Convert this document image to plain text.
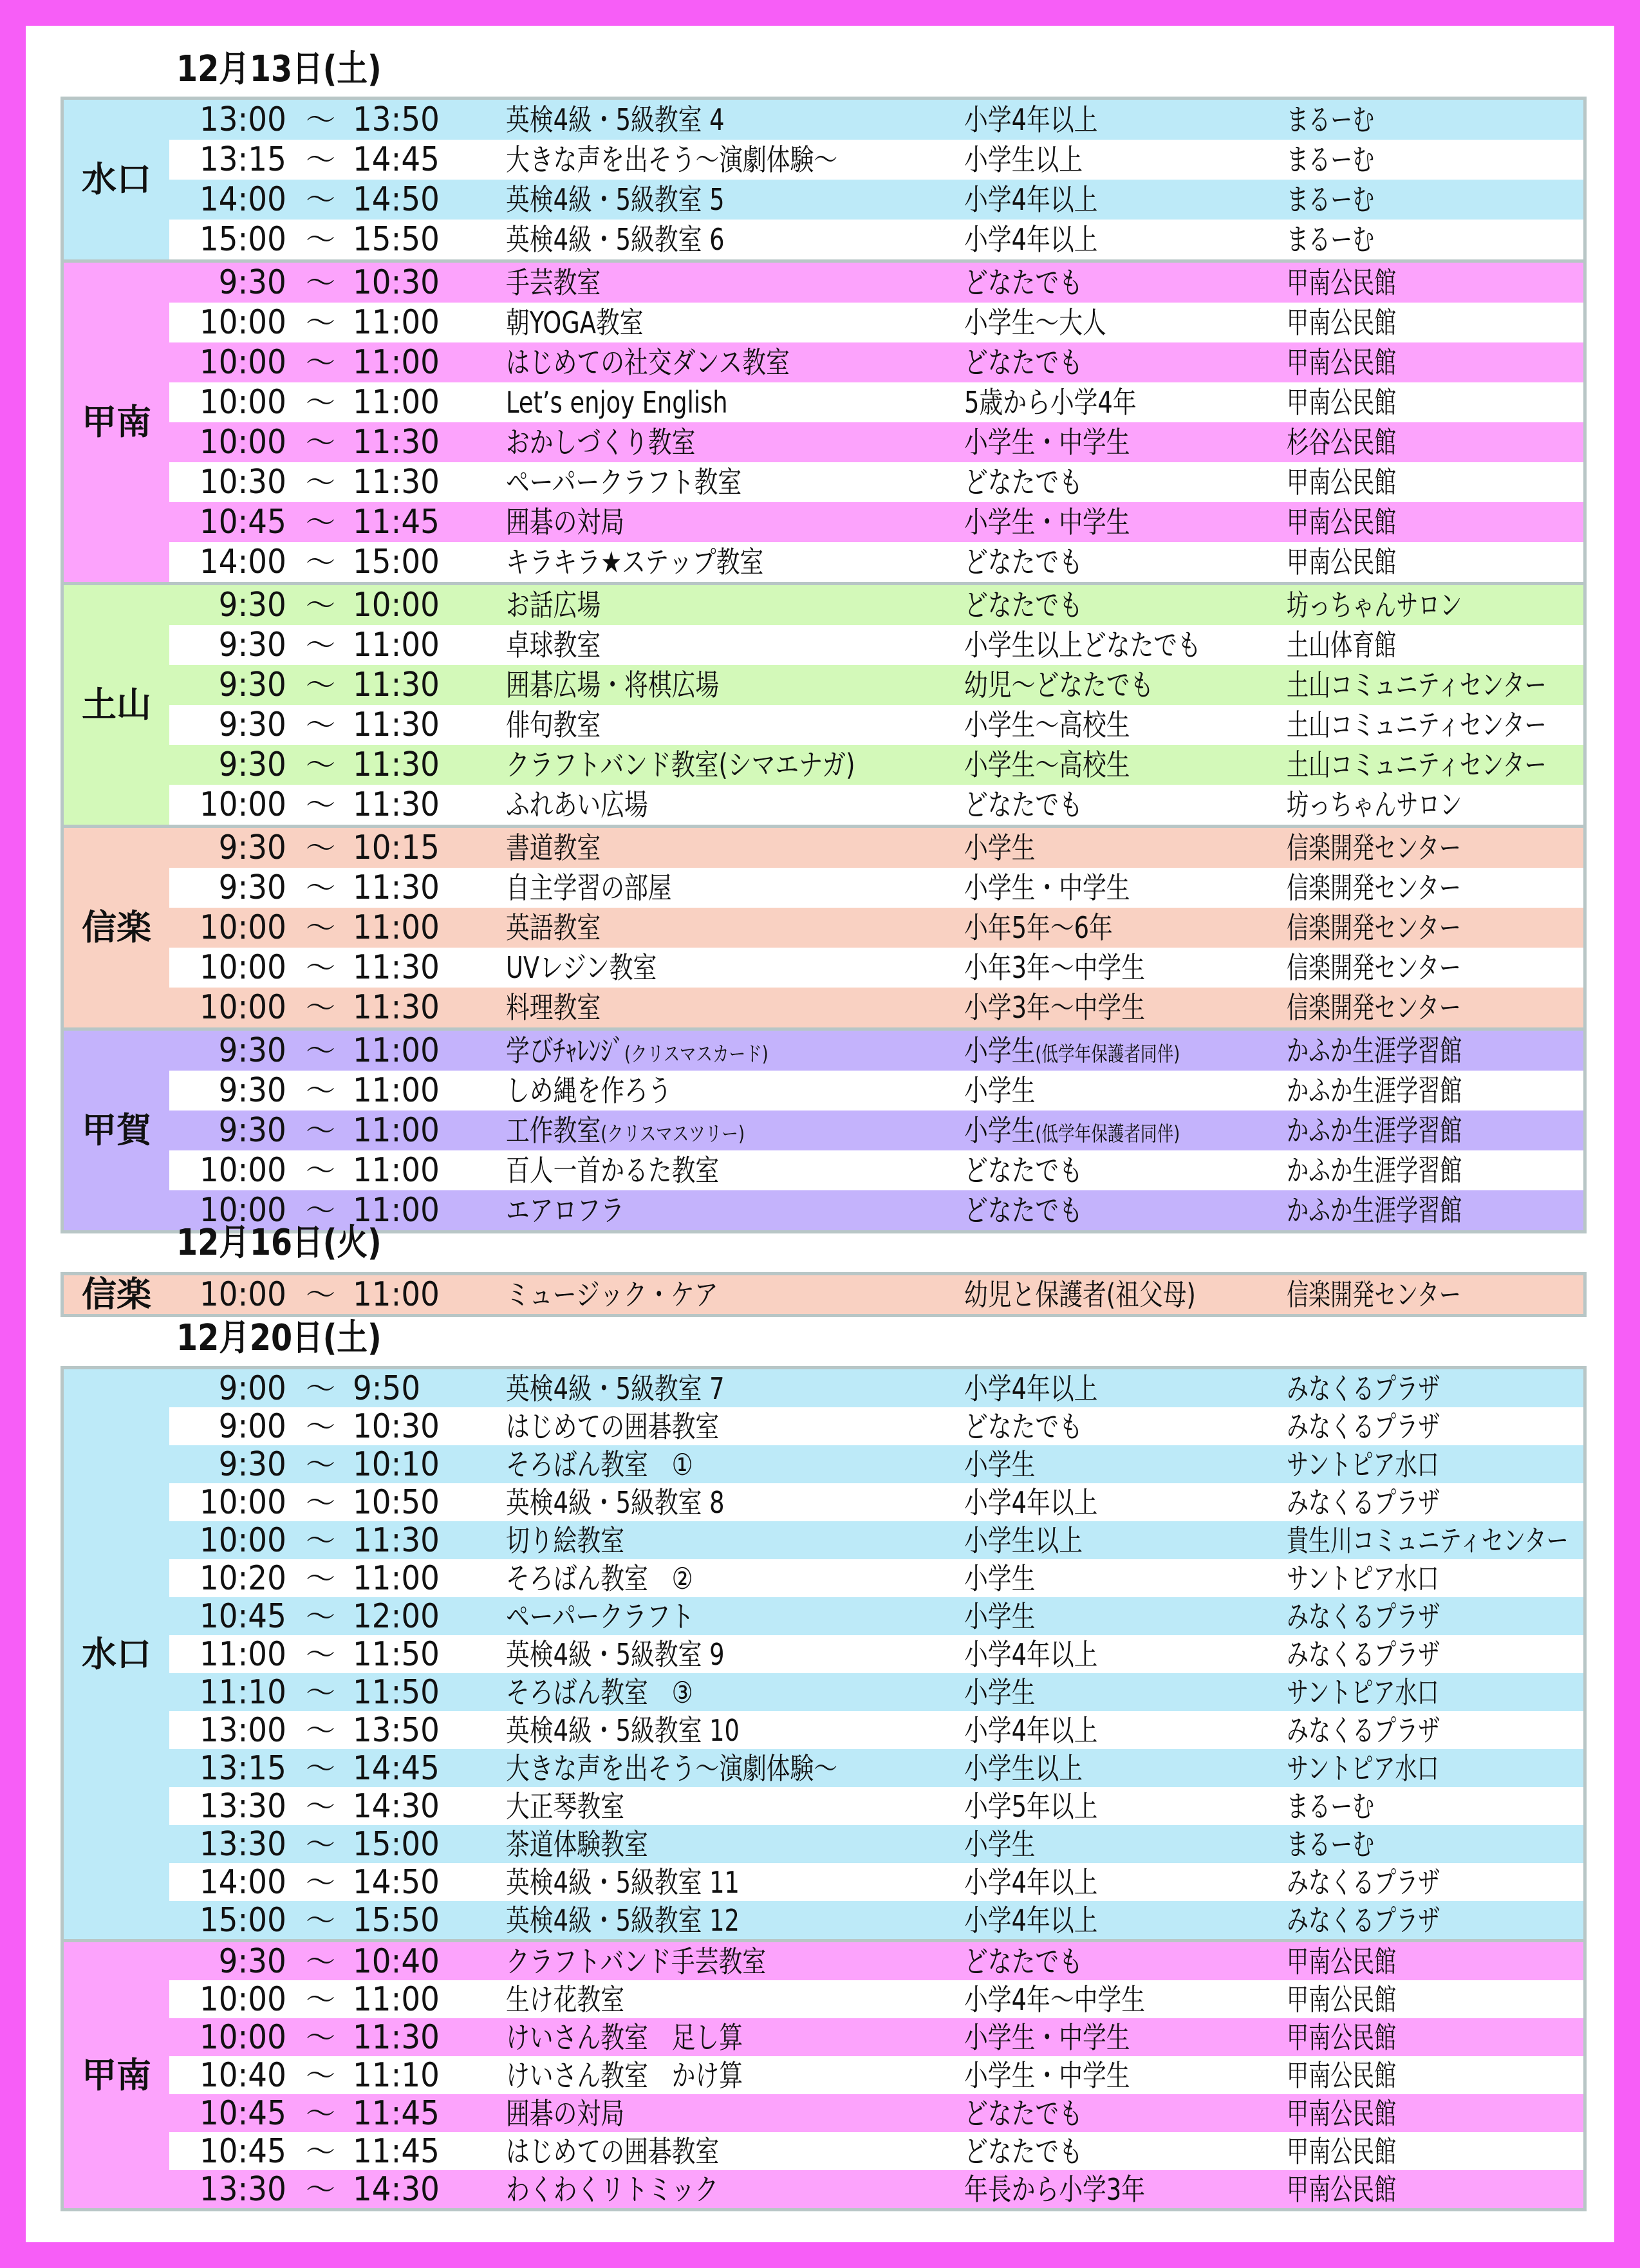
水口
13:00 ～ 13:50 英検4級・5級教室 4	小学4年以上	まるーむ
13:15 ～ 14:45 大きな声を出そう～演劇体験～	小学生以上	まるーむ
14:00 ～ 14:50 英検4級・5級教室 5	小学4年以上	まるーむ
15:00 ～ 15:50 英検4級・5級教室 6	小学4年以上	まるーむ
甲南
9:30 ～ 10:30 手芸教室	どなたでも	甲南公民館
10:00 ～ 11:00 朝YOGA教室	小学生～大人	甲南公民館
10:00 ～ 11:00 はじめての社交ダンス教室	どなたでも	甲南公民館
10:00 ～ 11:00 Let’s enjoy English	5歳から小学4年	甲南公民館
10:00 ～ 11:30 おかしづくり教室	小学生・中学生	杉谷公民館
10:30 ～ 11:30 ペーパークラフト教室	どなたでも	甲南公民館
10:45 ～ 11:45 囲碁の対局	小学生・中学生	甲南公民館
14:00 ～ 15:00 キラキラ★ステップ教室	どなたでも	甲南公民館
土山
9:30 ～ 10:00 お話広場	どなたでも	坊っちゃんサロン
9:30 ～ 11:00 卓球教室	小学生以上どなたでも	土山体育館
9:30 ～ 11:30 囲碁広場・将棋広場	幼児～どなたでも	土山コミュニティセンター
9:30 ～ 11:30 俳句教室	小学生～高校生	土山コミュニティセンター
9:30 ～ 11:30 クラフトバンド教室(シマエナガ)	小学生～高校生	土山コミュニティセンター
10:00 ～ 11:30 ふれあい広場	どなたでも	坊っちゃんサロン
信楽
9:30 ～ 10:15 書道教室	小学生	信楽開発センター
9:30 ～ 11:30 自主学習の部屋	小学生・中学生	信楽開発センター
10:00 ～ 11:00 英語教室	小年5年～6年	信楽開発センター
10:00 ～ 11:30 UVレジン教室	小年3年～中学生	信楽開発センター
10:00 ～ 11:30 料理教室	小学3年～中学生	信楽開発センター
甲賀
9:30 ～ 11:00 学びﾁｬﾚﾝｼﾞ(クリスマスカード)	小学生(低学年保護者同伴)	かふか生涯学習館
9:30 ～ 11:00 しめ縄を作ろう	小学生	かふか生涯学習館
9:30 ～ 11:00 工作教室(クリスマスツリー)	小学生(低学年保護者同伴)	かふか生涯学習館
10:00 ～ 11:00 百人一首かるた教室	どなたでも	かふか生涯学習館
10:00 ～ 11:00 エアロフラ	どなたでも	かふか生涯学習館
12月13日(土)
信楽	10:00 ～ 11:00 ミュージック・ケア	幼児と保護者(祖父母)	信楽開発センター
12月16日(火)
水口
9:00 ～ 9:50	英検4級・5級教室 7	小学4年以上	みなくるプラザ
9:00 ～ 10:30 はじめての囲碁教室	どなたでも	みなくるプラザ
9:30 ～ 10:10 そろばん教室　①	小学生	サントピア水口
10:00 ～ 10:50 英検4級・5級教室 8	小学4年以上	みなくるプラザ
10:00 ～ 11:30 切り絵教室	小学生以上	貴生川コミュニティセンター
10:20 ～ 11:00 そろばん教室　②	小学生	サントピア水口
10:45 ～ 12:00 ペーパークラフト	小学生	みなくるプラザ
11:00 ～ 11:50 英検4級・5級教室 9	小学4年以上	みなくるプラザ
11:10 ～ 11:50 そろばん教室　③	小学生	サントピア水口
13:00 ～ 13:50 英検4級・5級教室 10	小学4年以上	みなくるプラザ
13:15 ～ 14:45 大きな声を出そう～演劇体験～	小学生以上	サントピア水口
13:30 ～ 14:30 大正琴教室	小学5年以上	まるーむ
13:30 ～ 15:00 茶道体験教室	小学生	まるーむ
14:00 ～ 14:50 英検4級・5級教室 11	小学4年以上	みなくるプラザ
15:00 ～ 15:50 英検4級・5級教室 12	小学4年以上	みなくるプラザ
甲南
9:30 ～ 10:40 クラフトバンド手芸教室	どなたでも	甲南公民館
10:00 ～ 11:00 生け花教室	小学4年～中学生	甲南公民館
10:00 ～ 11:30 けいさん教室　足し算	小学生・中学生	甲南公民館
10:40 ～ 11:10 けいさん教室　かけ算	小学生・中学生	甲南公民館
10:45 ～ 11:45 囲碁の対局	どなたでも	甲南公民館
10:45 ～ 11:45 はじめての囲碁教室	どなたでも	甲南公民館
13:30 ～ 14:30 わくわくリトミック	年長から小学3年	甲南公民館
12月20日(土)
